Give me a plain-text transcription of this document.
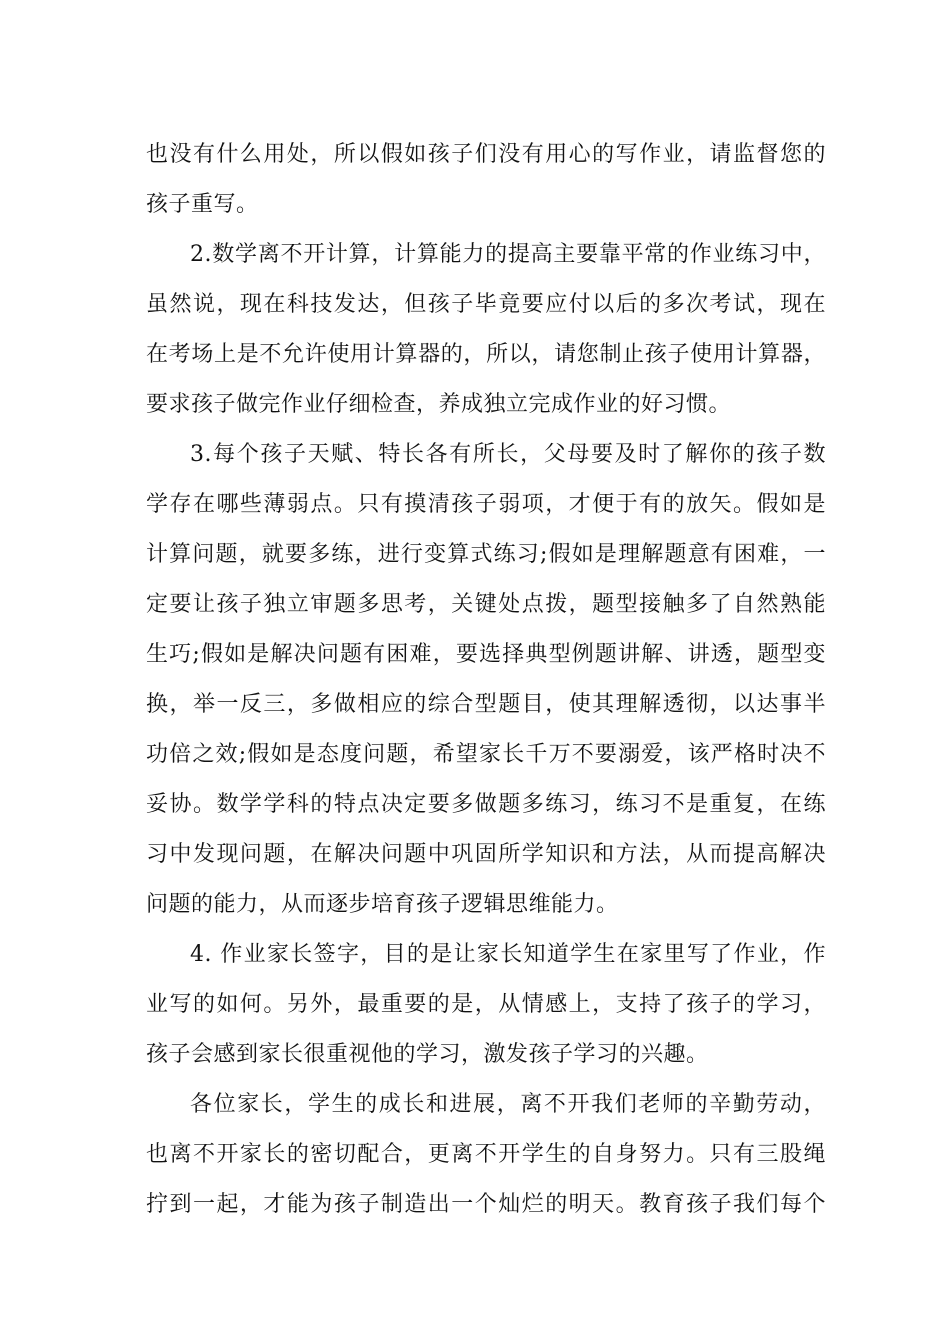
也没有什么用处，所以假如孩子们没有用心的写作业，请监督您的
孩子重写。
2.数学离不开计算，计算能力的提高主要靠平常的作业练习中，
虽然说，现在科技发达，但孩子毕竟要应付以后的多次考试，现在
在考场上是不允许使用计算器的，所以，请您制止孩子使用计算器，
要求孩子做完作业仔细检查，养成独立完成作业的好习惯。
3.每个孩子天赋、特长各有所长，父母要及时了解你的孩子数
学存在哪些薄弱点。只有摸清孩子弱项，才便于有的放矢。假如是
计算问题，就要多练，进行变算式练习;假如是理解题意有困难，一
定要让孩子独立审题多思考，关键处点拨，题型接触多了自然熟能
生巧;假如是解决问题有困难，要选择典型例题讲解、讲透，题型变
换，举一反三，多做相应的综合型题目，使其理解透彻，以达事半
功倍之效;假如是态度问题，希望家长千万不要溺爱，该严格时决不
妥协。数学学科的特点决定要多做题多练习，练习不是重复，在练
习中发现问题，在解决问题中巩固所学知识和方法，从而提高解决
问题的能力，从而逐步培育孩子逻辑思维能力。
4. 作业家长签字，目的是让家长知道学生在家里写了作业，作
业写的如何。另外，最重要的是，从情感上，支持了孩子的学习，
孩子会感到家长很重视他的学习，激发孩子学习的兴趣。
各位家长，学生的成长和进展，离不开我们老师的辛勤劳动，
也离不开家长的密切配合，更离不开学生的自身努力。只有三股绳
拧到一起，才能为孩子制造出一个灿烂的明天。教育孩子我们每个
